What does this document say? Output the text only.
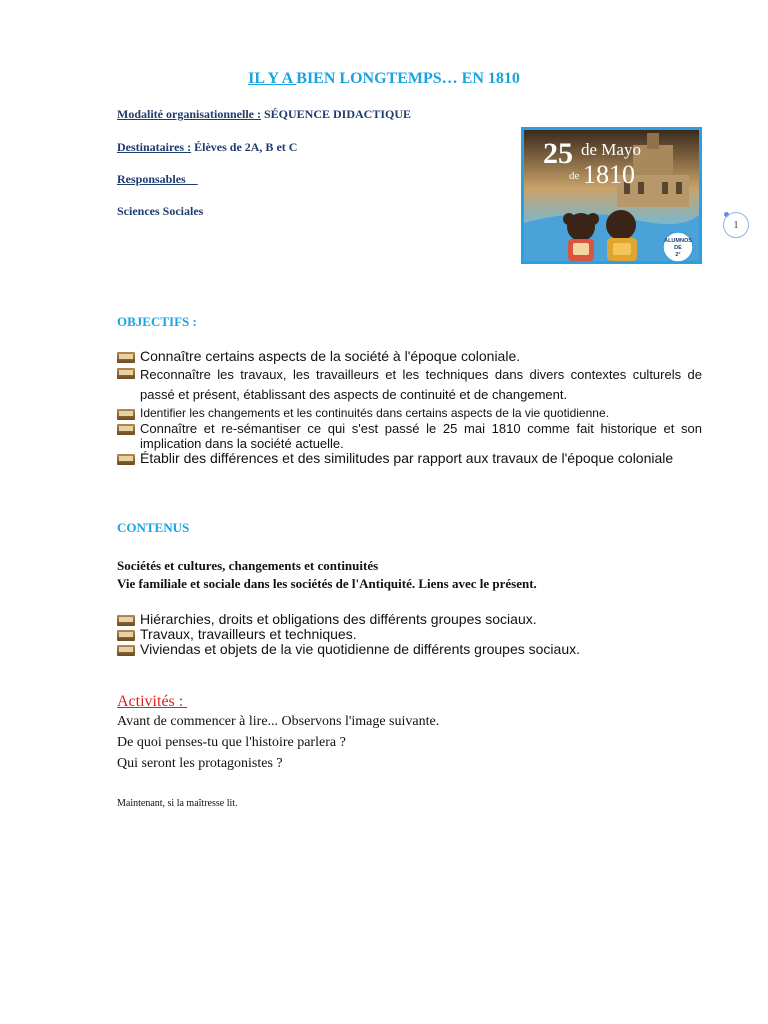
IL Y A BIEN LONGTEMPS… EN 1810
Modalité organisationnelle : SÉQUENCE DIDACTIQUE
Destinataires : Élèves de 2A, B et C
Responsables
Sciences Sociales
25 de Mayo
de 1810
ALUMNOS
DE
2°
1
OBJECTIFS :
Connaître certains aspects de la société à l'époque coloniale.
Reconnaître les travaux, les travailleurs et les techniques dans divers contextes culturels de passé et présent, établissant des aspects de continuité et de changement.
Identifier les changements et les continuités dans certains aspects de la vie quotidienne.
Connaître et re-sémantiser ce qui s'est passé le 25 mai 1810 comme fait historique et son implication dans la société actuelle.
Établir des différences et des similitudes par rapport aux travaux de l'époque coloniale
CONTENUS
Sociétés et cultures, changements et continuités
Vie familiale et sociale dans les sociétés de l'Antiquité. Liens avec le présent.
Hiérarchies, droits et obligations des différents groupes sociaux.
Travaux, travailleurs et techniques.
Viviendas et objets de la vie quotidienne de différents groupes sociaux.
Activités :
Avant de commencer à lire... Observons l'image suivante.
De quoi penses-tu que l'histoire parlera ?
Qui seront les protagonistes ?
Maintenant, si la maîtresse lit.
